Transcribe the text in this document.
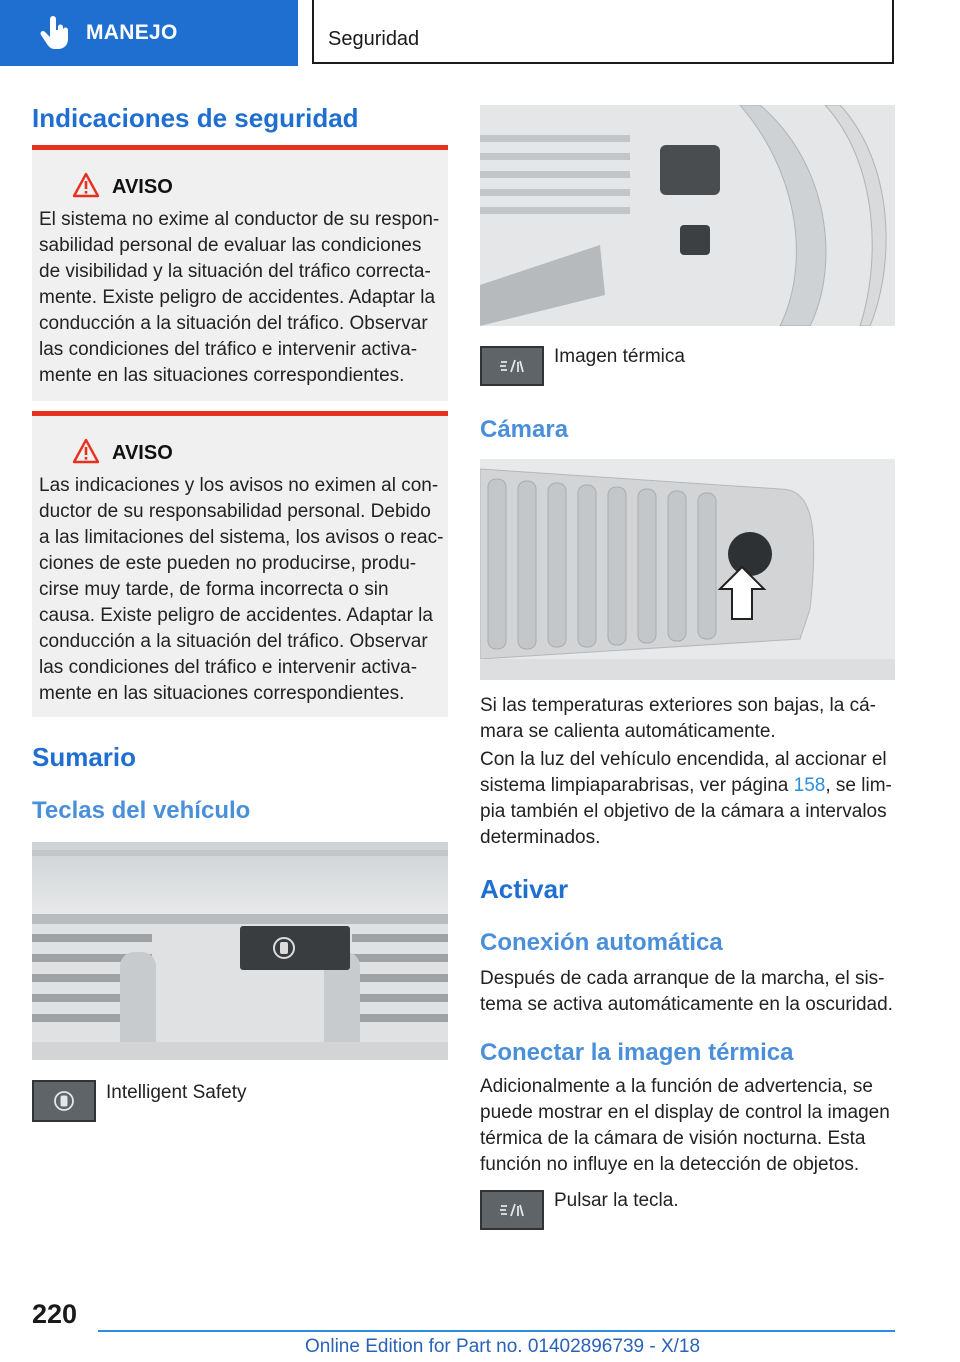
MANEJO	Seguridad
Indicaciones de seguridad
AVISO
El sistema no exime al conductor de su respon-
sabilidad personal de evaluar las condiciones
de visibilidad y la situación del tráfico correcta-
mente. Existe peligro de accidentes. Adaptar la
conducción a la situación del tráfico. Observar
las condiciones del tráfico e intervenir activa-
mente en las situaciones correspondientes.
AVISO
Las indicaciones y los avisos no eximen al con-
ductor de su responsabilidad personal. Debido
a las limitaciones del sistema, los avisos o reac-
ciones de este pueden no producirse, produ-
cirse muy tarde, de forma incorrecta o sin
causa. Existe peligro de accidentes. Adaptar la
conducción a la situación del tráfico. Observar
las condiciones del tráfico e intervenir activa-
mente en las situaciones correspondientes.
Sumario
Teclas del vehículo
Intelligent Safety
Imagen térmica
Cámara
Si las temperaturas exteriores son bajas, la cá-
mara se calienta automáticamente.
Con la luz del vehículo encendida, al accionar el
sistema limpiaparabrisas, ver página 158, se lim-
pia también el objetivo de la cámara a intervalos
determinados.
Activar
Conexión automática
Después de cada arranque de la marcha, el sis-
tema se activa automáticamente en la oscuridad.
Conectar la imagen térmica
Adicionalmente a la función de advertencia, se
puede mostrar en el display de control la imagen
térmica de la cámara de visión nocturna. Esta
función no influye en la detección de objetos.
Pulsar la tecla.
220
Online Edition for Part no. 01402896739 - X/18
